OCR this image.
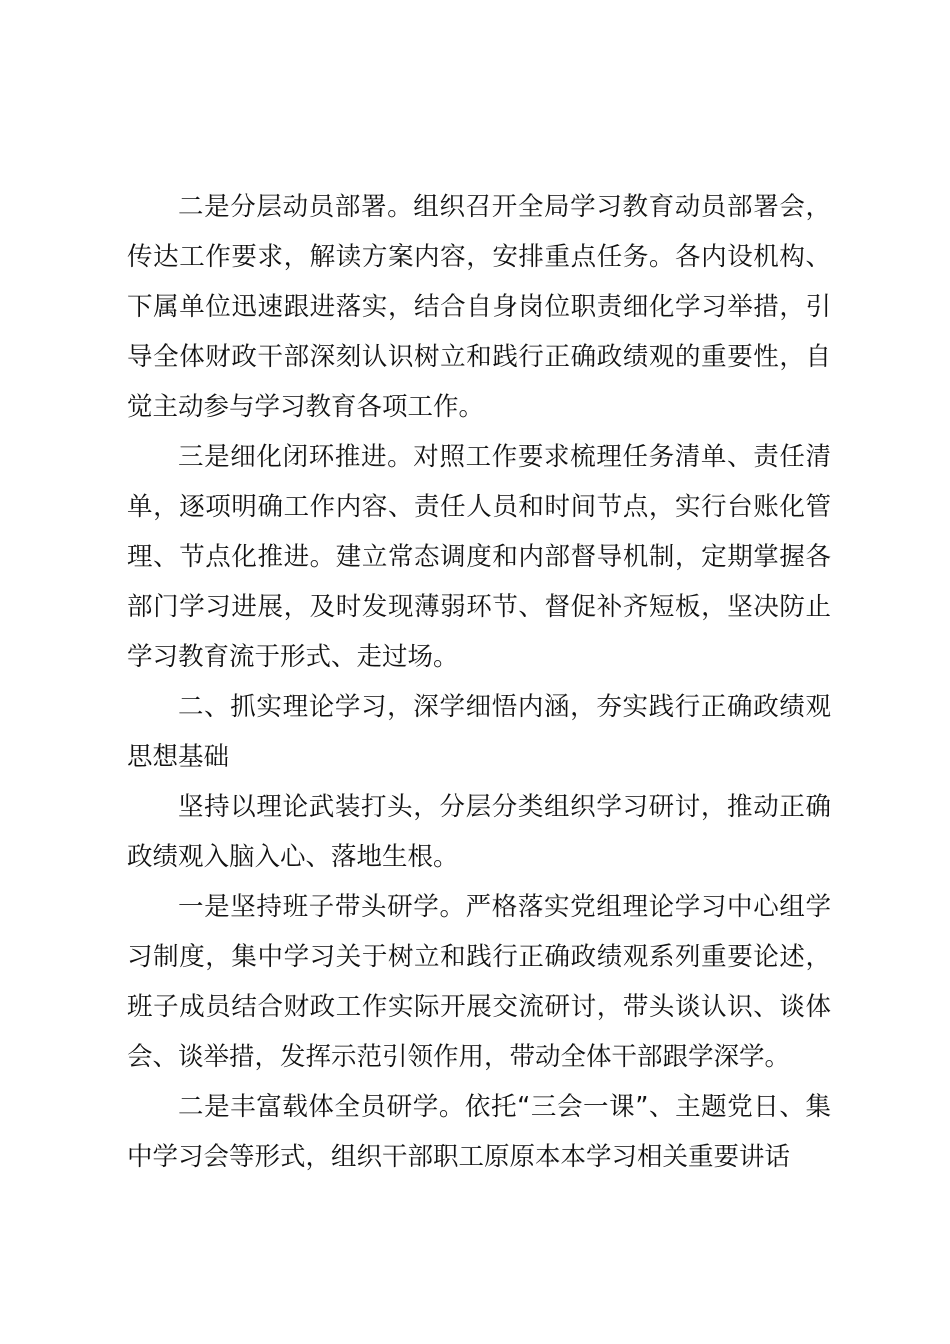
二是分层动员部署。组织召开全局学习教育动员部署会，传达工作要求，解读方案内容，安排重点任务。各内设机构、下属单位迅速跟进落实，结合自身岗位职责细化学习举措，引导全体财政干部深刻认识树立和践行正确政绩观的重要性，自觉主动参与学习教育各项工作。

三是细化闭环推进。对照工作要求梳理任务清单、责任清单，逐项明确工作内容、责任人员和时间节点，实行台账化管理、节点化推进。建立常态调度和内部督导机制，定期掌握各部门学习进展，及时发现薄弱环节、督促补齐短板，坚决防止学习教育流于形式、走过场。

二、抓实理论学习，深学细悟内涵，夯实践行正确政绩观思想基础

坚持以理论武装打头，分层分类组织学习研讨，推动正确政绩观入脑入心、落地生根。

一是坚持班子带头研学。严格落实党组理论学习中心组学习制度，集中学习关于树立和践行正确政绩观系列重要论述，班子成员结合财政工作实际开展交流研讨，带头谈认识、谈体会、谈举措，发挥示范引领作用，带动全体干部跟学深学。

二是丰富载体全员研学。依托“三会一课”、主题党日、集中学习会等形式，组织干部职工原原本本学习相关重要讲话
